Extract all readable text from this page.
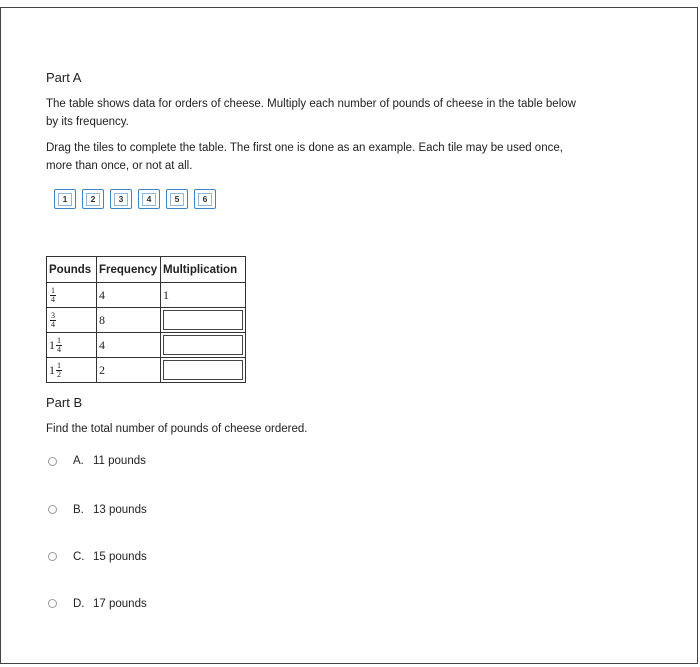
Part A

The table shows data for orders of cheese. Multiply each number of pounds of cheese in the table below
by its frequency.

Drag the tiles to complete the table. The first one is done as an example. Each tile may be used once,
more than once, or not at all.

1	2	3	4	5	6
Pounds	Frequency	Multiplication

$\frac{1}{4}$	4	1

$\frac{3}{4}$	8	

$1 \frac{1}{4}$	4	

$1 \frac{1}{2}$	2	
Part B

Find the total number of pounds of cheese ordered.

A. 11 pounds
B. 13 pounds
C. 15 pounds
D. 17 pounds
